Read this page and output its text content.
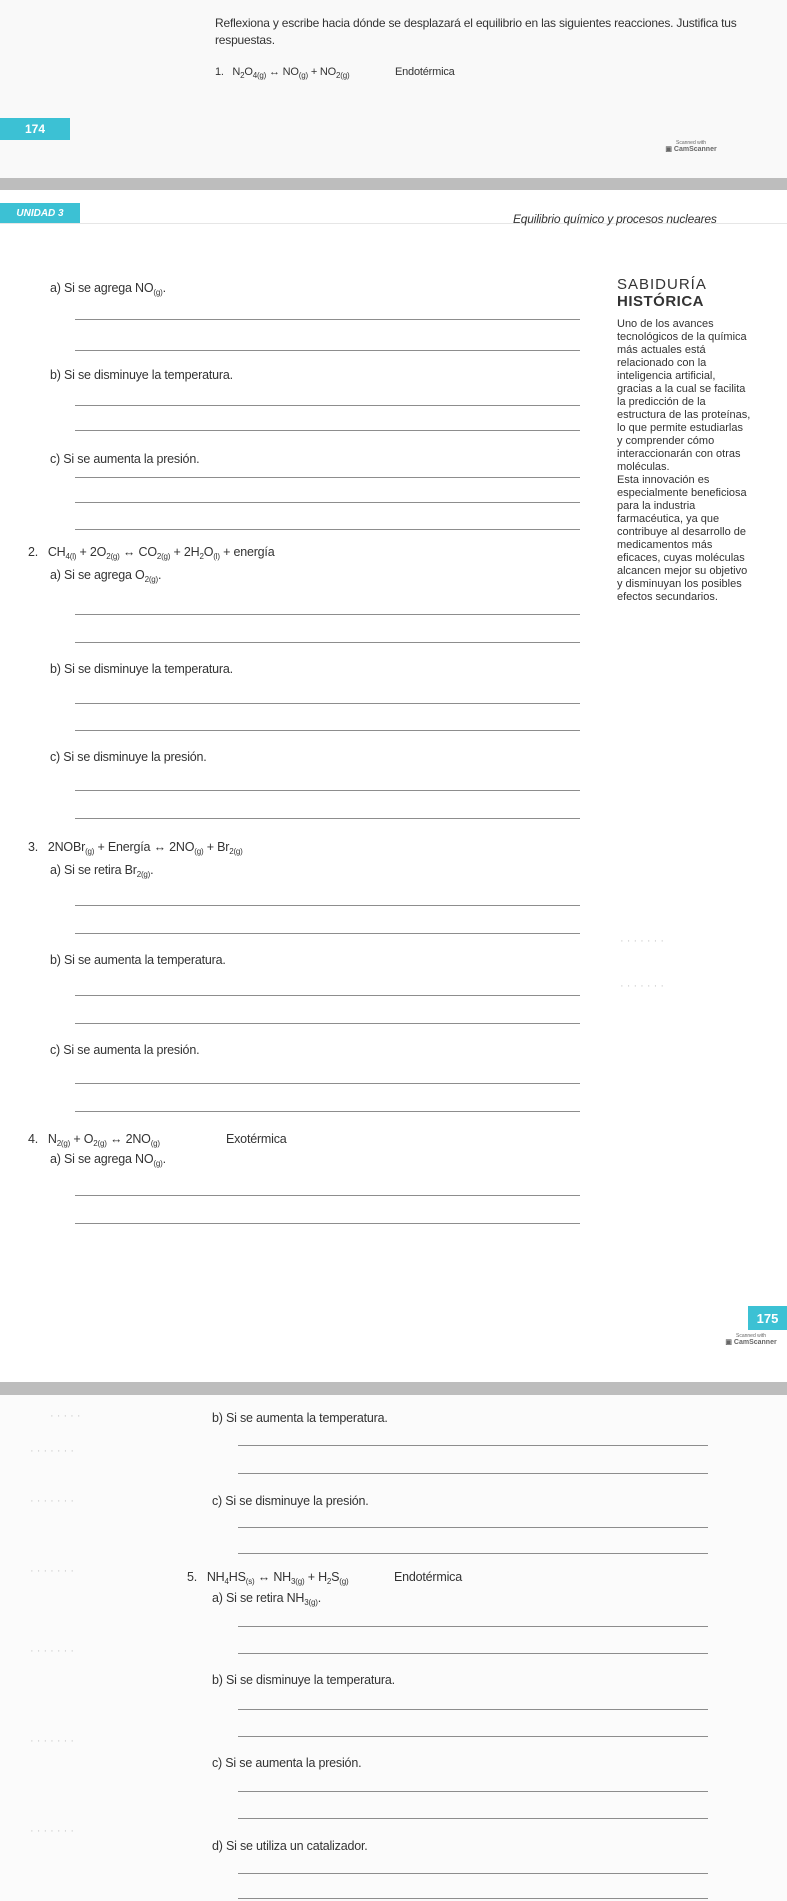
Reflexiona y escribe hacia dónde se desplazará el equilibrio en las siguientes reacciones. Justifica tus
respuestas.
1.   $N_2O_{4(g)}$ ↔ $NO_{(g)} + NO_{2(g)}$	Endotérmica
174
Scanned with
▣ CamScanner
UNIDAD 3	Equilibrio químico y procesos nucleares
a) Si se agrega $NO_{(g)}$.
b) Si se disminuye la temperatura.
c) Si se aumenta la presión.
2.   $CH_{4(l)} + 2O_{2(g)}$ ↔ $CO_{2(g)} + 2H_2O_{(l)}$ + energía
a) Si se agrega $O_{2(g)}$.
b) Si se disminuye la temperatura.
c) Si se disminuye la presión.
3.   2NOBr$_{(g)}$ + Energía ↔ $2NO_{(g)} + Br_{2(g)}$
a) Si se retira $Br_{2(g)}$.
b) Si se aumenta la temperatura.
c) Si se aumenta la presión.
4.   $N_{2(g)} + O_{2(g)}$ ↔ $2NO_{(g)}$	Exotérmica
a) Si se agrega $NO_{(g)}$.
· · · · · · ·
· · · · · · ·
SABIDURÍA
HISTÓRICA
Uno de los avances
tecnológicos de la química
más actuales está
relacionado con la
inteligencia artificial,
gracias a la cual se facilita
la predicción de la
estructura de las proteínas,
lo que permite estudiarlas
y comprender cómo
interaccionarán con otras
moléculas.
Esta innovación es
especialmente beneficiosa
para la industria
farmacéutica, ya que
contribuye al desarrollo de
medicamentos más
eficaces, cuyas moléculas
alcancen mejor su objetivo
y disminuyan los posibles
efectos secundarios.
175
Scanned with
▣ CamScanner
· · · · ·
· · · · · · ·
· · · · · · ·
· · · · · · ·
· · · · · · ·
· · · · · · ·
· · · · · · ·
b) Si se aumenta la temperatura.
c) Si se disminuye la presión.
5.   $NH_4HS_{(s)}$ ↔ $NH_{3(g)} + H_2S_{(g)}$	Endotérmica
a) Si se retira $NH_{3(g)}$.
b) Si se disminuye la temperatura.
c) Si se aumenta la presión.
d) Si se utiliza un catalizador.
